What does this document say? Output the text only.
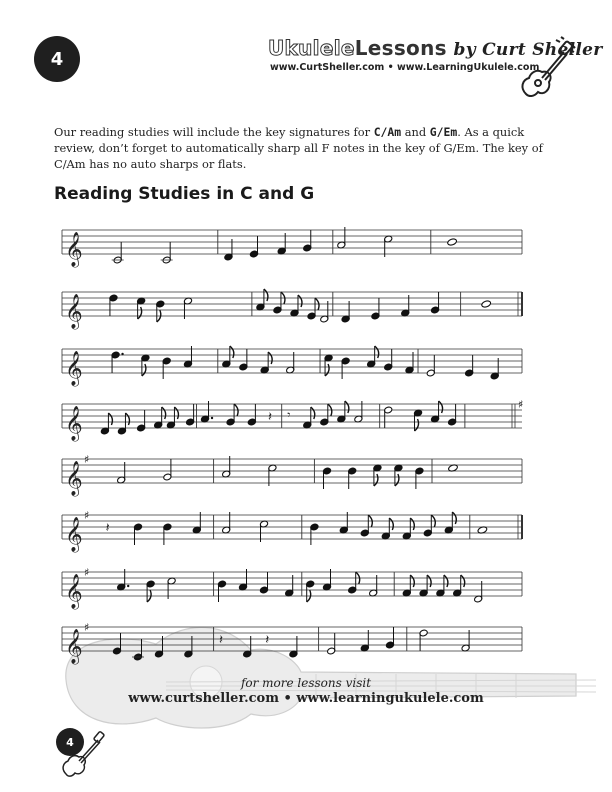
4	UkuleleLessons by Curt Sheller
www.CurtSheller.com • www.LearningUkulele.com
Our reading studies will include the key signatures for C/Am and G/Em. As a quick review, don’t forget to automatically sharp all F notes in the key of G/Em. The key of C/Am has no auto sharps or flats.
Reading Studies in C and G
for more lessons visit
www.curtsheller.com • www.learningukulele.com
4
𝄞
𝄞
𝄞
𝄞
♯
𝄽 𝄾
𝄞
♯
𝄞
♯
𝄽
𝄞
♯
𝄞
♯
𝄽	𝄽
